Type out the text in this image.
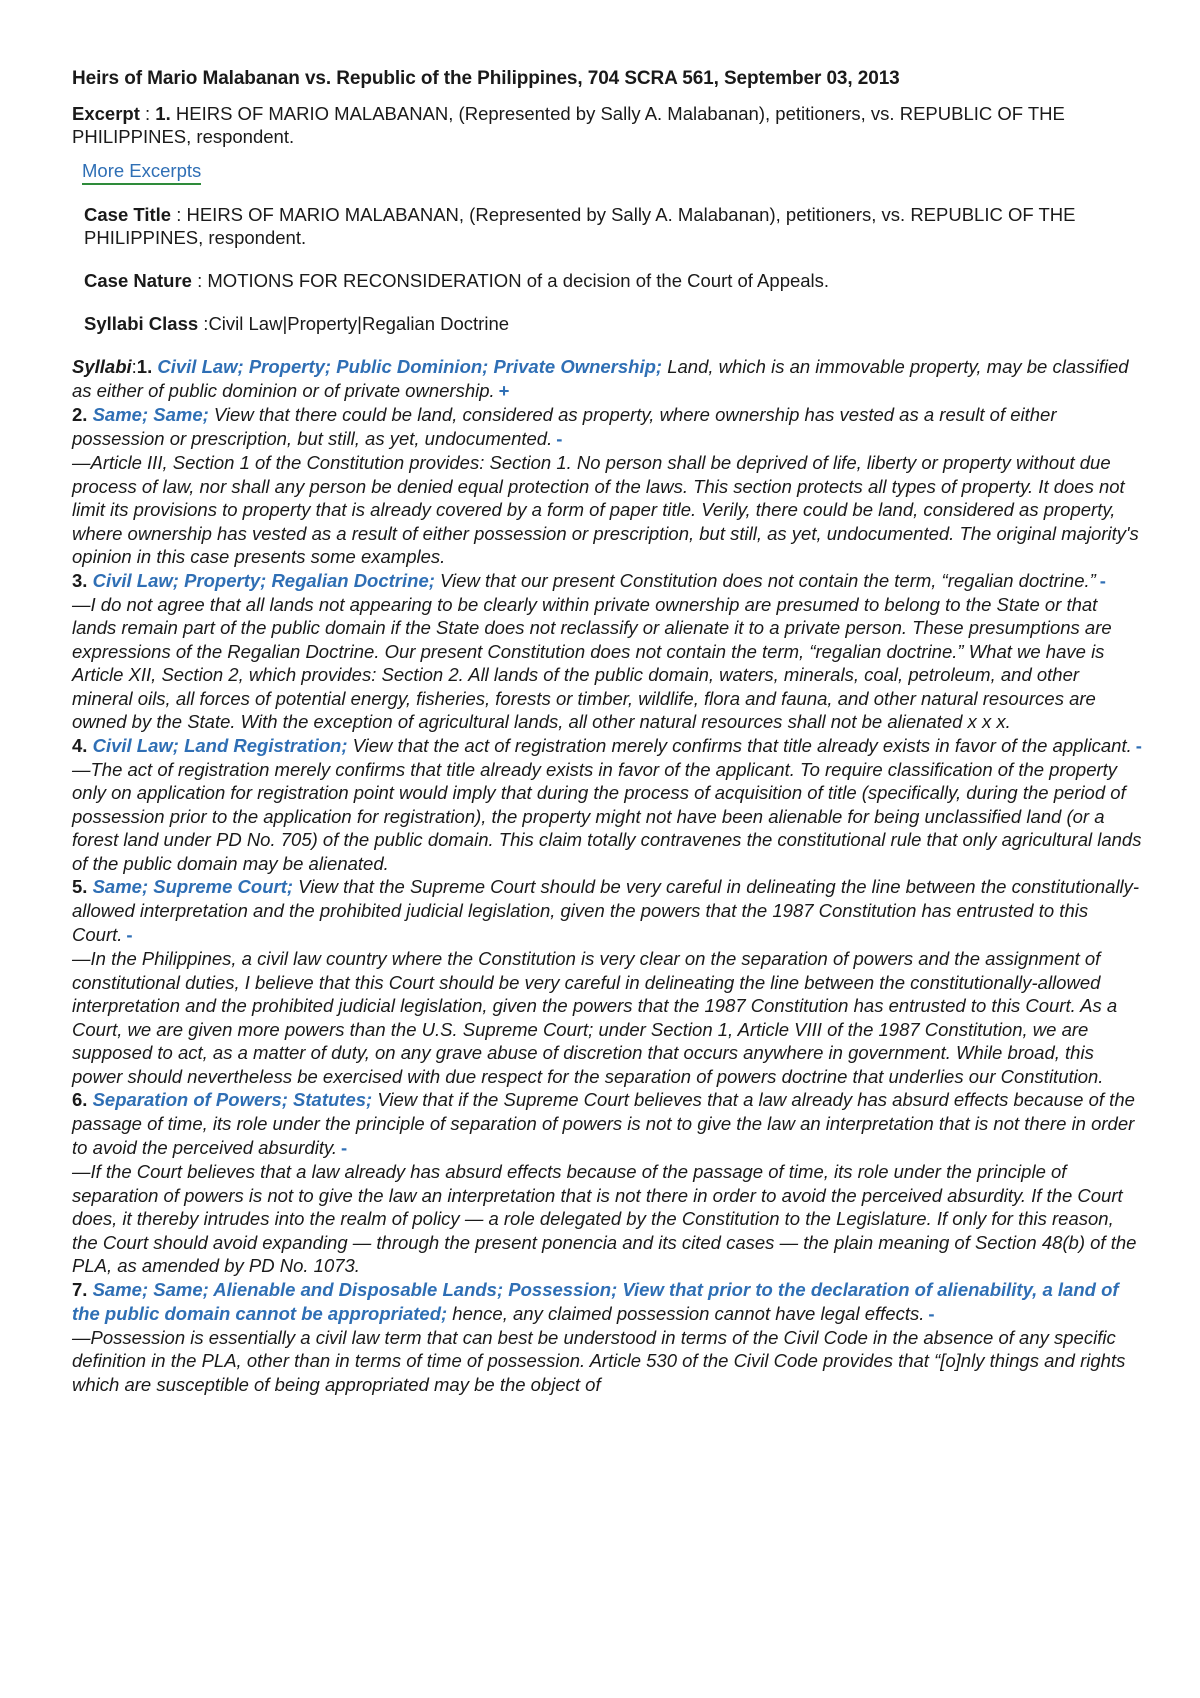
Heirs of Mario Malabanan vs. Republic of the Philippines, 704 SCRA 561, September 03, 2013
Excerpt : 1. HEIRS OF MARIO MALABANAN, (Represented by Sally A. Malabanan), petitioners, vs. REPUBLIC OF THE PHILIPPINES, respondent.
More Excerpts
Case Title : HEIRS OF MARIO MALABANAN, (Represented by Sally A. Malabanan), petitioners, vs. REPUBLIC OF THE PHILIPPINES, respondent.
Case Nature : MOTIONS FOR RECONSIDERATION of a decision of the Court of Appeals.
Syllabi Class :Civil Law|Property|Regalian Doctrine
Syllabi:1. Civil Law; Property; Public Dominion; Private Ownership; Land, which is an immovable property, may be classified as either of public dominion or of private ownership. +

2. Same; Same; View that there could be land, considered as property, where ownership has vested as a result of either possession or prescription, but still, as yet, undocumented. -
—Article III, Section 1 of the Constitution provides: Section 1. No person shall be deprived of life, liberty or property without due process of law, nor shall any person be denied equal protection of the laws. This section protects all types of property. It does not limit its provisions to property that is already covered by a form of paper title. Verily, there could be land, considered as property, where ownership has vested as a result of either possession or prescription, but still, as yet, undocumented. The original majority's opinion in this case presents some examples.
3. Civil Law; Property; Regalian Doctrine; View that our present Constitution does not contain the term, “regalian doctrine.” -
—I do not agree that all lands not appearing to be clearly within private ownership are presumed to belong to the State or that lands remain part of the public domain if the State does not reclassify or alienate it to a private person. These presumptions are expressions of the Regalian Doctrine. Our present Constitution does not contain the term, “regalian doctrine.” What we have is Article XII, Section 2, which provides: Section 2. All lands of the public domain, waters, minerals, coal, petroleum, and other mineral oils, all forces of potential energy, fisheries, forests or timber, wildlife, flora and fauna, and other natural resources are owned by the State. With the exception of agricultural lands, all other natural resources shall not be alienated x x x.
4. Civil Law; Land Registration; View that the act of registration merely confirms that title already exists in favor of the applicant. -
—The act of registration merely confirms that title already exists in favor of the applicant. To require classification of the property only on application for registration point would imply that during the process of acquisition of title (specifically, during the period of possession prior to the application for registration), the property might not have been alienable for being unclassified land (or a forest land under PD No. 705) of the public domain. This claim totally contravenes the constitutional rule that only agricultural lands of the public domain may be alienated.
5. Same; Supreme Court; View that the Supreme Court should be very careful in delineating the line between the constitutionally-allowed interpretation and the prohibited judicial legislation, given the powers that the 1987 Constitution has entrusted to this Court. -
—In the Philippines, a civil law country where the Constitution is very clear on the separation of powers and the assignment of constitutional duties, I believe that this Court should be very careful in delineating the line between the constitutionally-allowed interpretation and the prohibited judicial legislation, given the powers that the 1987 Constitution has entrusted to this Court. As a Court, we are given more powers than the U.S. Supreme Court; under Section 1, Article VIII of the 1987 Constitution, we are supposed to act, as a matter of duty, on any grave abuse of discretion that occurs anywhere in government. While broad, this power should nevertheless be exercised with due respect for the separation of powers doctrine that underlies our Constitution.
6. Separation of Powers; Statutes; View that if the Supreme Court believes that a law already has absurd effects because of the passage of time, its role under the principle of separation of powers is not to give the law an interpretation that is not there in order to avoid the perceived absurdity. -
—If the Court believes that a law already has absurd effects because of the passage of time, its role under the principle of separation of powers is not to give the law an interpretation that is not there in order to avoid the perceived absurdity. If the Court does, it thereby intrudes into the realm of policy — a role delegated by the Constitution to the Legislature. If only for this reason, the Court should avoid expanding — through the present ponencia and its cited cases — the plain meaning of Section 48(b) of the PLA, as amended by PD No. 1073.
7. Same; Same; Alienable and Disposable Lands; Possession; View that prior to the declaration of alienability, a land of the public domain cannot be appropriated; hence, any claimed possession cannot have legal effects. -
—Possession is essentially a civil law term that can best be understood in terms of the Civil Code in the absence of any specific definition in the PLA, other than in terms of time of possession. Article 530 of the Civil Code provides that “[o]nly things and rights which are susceptible of being appropriated may be the object of
